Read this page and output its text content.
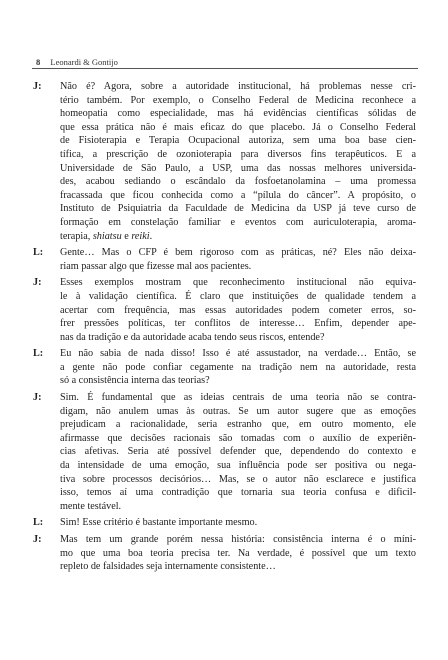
8 Leonardi & Gontijo
J: Não é? Agora, sobre a autoridade institucional, há problemas nesse cri-
tério também. Por exemplo, o Conselho Federal de Medicina reconhece a
homeopatia como especialidade, mas há evidências científicas sólidas de
que essa prática não é mais eficaz do que placebo. Já o Conselho Federal
de Fisioterapia e Terapia Ocupacional autoriza, sem uma boa base cien-
tífica, a prescrição de ozonioterapia para diversos fins terapêuticos. E a
Universidade de São Paulo, a USP, uma das nossas melhores universida-
des, acabou sediando o escândalo da fosfoetanolamina – uma promessa
fracassada que ficou conhecida como a “pílula do câncer”. A propósito, o
Instituto de Psiquiatria da Faculdade de Medicina da USP já teve curso de
formação em constelação familiar e eventos com auriculoterapia, aroma-
terapia, shiatsu e reiki.
L: Gente… Mas o CFP é bem rigoroso com as práticas, né? Eles não deixa-
riam passar algo que fizesse mal aos pacientes.
J: Esses exemplos mostram que reconhecimento institucional não equiva-
le à validação científica. É claro que instituições de qualidade tendem a
acertar com frequência, mas essas autoridades podem cometer erros, so-
frer pressões políticas, ter conflitos de interesse… Enfim, depender ape-
nas da tradição e da autoridade acaba tendo seus riscos, entende?
L: Eu não sabia de nada disso! Isso é até assustador, na verdade… Então, se
a gente não pode confiar cegamente na tradição nem na autoridade, resta
só a consistência interna das teorias?
J: Sim. É fundamental que as ideias centrais de uma teoria não se contra-
digam, não anulem umas às outras. Se um autor sugere que as emoções
prejudicam a racionalidade, seria estranho que, em outro momento, ele
afirmasse que decisões racionais são tomadas com o auxílio de experiên-
cias afetivas. Seria até possível defender que, dependendo do contexto e
da intensidade de uma emoção, sua influência pode ser positiva ou nega-
tiva sobre processos decisórios… Mas, se o autor não esclarece e justifica
isso, temos aí uma contradição que tornaria sua teoria confusa e dificil-
mente testável.
L: Sim! Esse critério é bastante importante mesmo.
J: Mas tem um grande porém nessa história: consistência interna é o míni-
mo que uma boa teoria precisa ter. Na verdade, é possível que um texto
repleto de falsidades seja internamente consistente…
